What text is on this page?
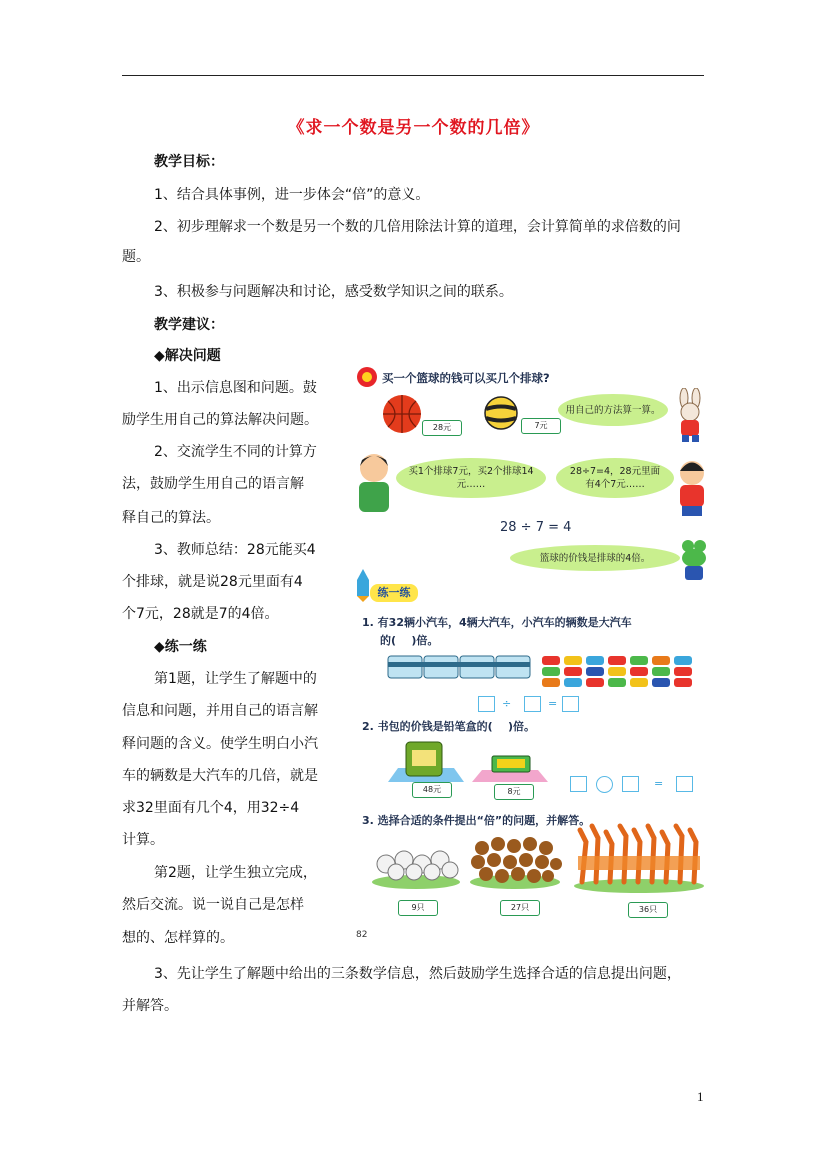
《求一个数是另一个数的几倍》
教学目标：
1、结合具体事例，进一步体会“倍”的意义。
2、初步理解求一个数是另一个数的几倍用除法计算的道理，会计算简单的求倍数的问
题。
3、积极参与问题解决和讨论，感受数学知识之间的联系。
教学建议：
◆解决问题
1、出示信息图和问题。鼓
励学生用自己的算法解决问题。
2、交流学生不同的计算方
法，鼓励学生用自己的语言解
释自己的算法。
3、教师总结：28元能买4
个排球，就是说28元里面有4
个7元，28就是7的4倍。
◆练一练
第1题，让学生了解题中的
信息和问题，并用自己的语言解
释问题的含义。使学生明白小汽
车的辆数是大汽车的几倍，就是
求32里面有几个4，用32÷4
计算。
第2题，让学生独立完成，
然后交流。说一说自己是怎样
想的、怎样算的。
3、先让学生了解题中给出的三条数学信息，然后鼓励学生选择合适的信息提出问题，
并解答。
买一个篮球的钱可以买几个排球?
28元	7元
用自己的方法算一算。
买1个排球7元，买2个排球14元……
28÷7=4，28元里面有4个7元……
28 ÷ 7 = 4
篮球的价钱是排球的4倍。
练一练
1. 有32辆小汽车，4辆大汽车，小汽车的辆数是大汽车
的( )倍。
÷	=
2. 书包的价钱是铅笔盒的( )倍。
48元	8元
=
3. 选择合适的条件提出“倍”的问题，并解答。
9只	27只	36只
82
1
